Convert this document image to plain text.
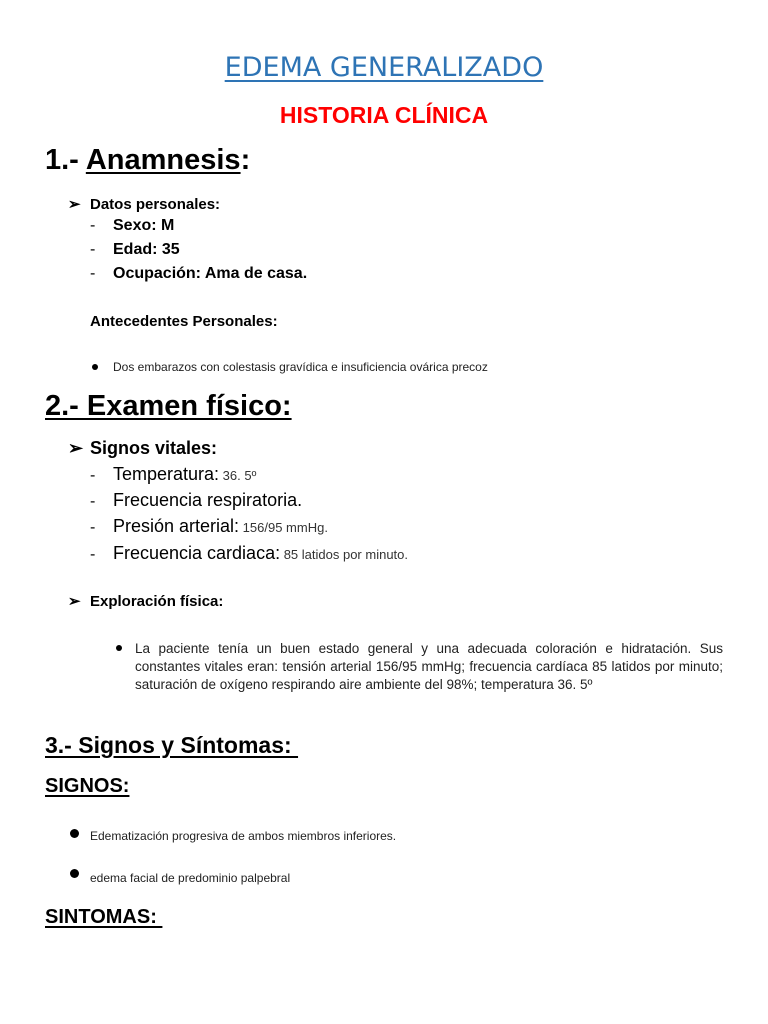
EDEMA GENERALIZADO
HISTORIA CLÍNICA
1.- Anamnesis:
➢ Datos personales:
- Sexo: M
- Edad: 35
- Ocupación: Ama de casa.
Antecedentes Personales:
Dos embarazos con colestasis gravídica e insuficiencia ovárica precoz
2.- Examen físico:
➢ Signos vitales:
- Temperatura: 36. 5º
- Frecuencia respiratoria.
- Presión arterial: 156/95 mmHg.
- Frecuencia cardiaca: 85 latidos por minuto.
➢ Exploración física:
La paciente tenía un buen estado general y una adecuada coloración e hidratación. Sus constantes vitales eran: tensión arterial 156/95 mmHg; frecuencia cardíaca 85 latidos por minuto; saturación de oxígeno respirando aire ambiente del 98%; temperatura 36. 5º
3.- Signos y Síntomas:
SIGNOS:
Edematización progresiva de ambos miembros inferiores.
edema facial de predominio palpebral
SINTOMAS:
